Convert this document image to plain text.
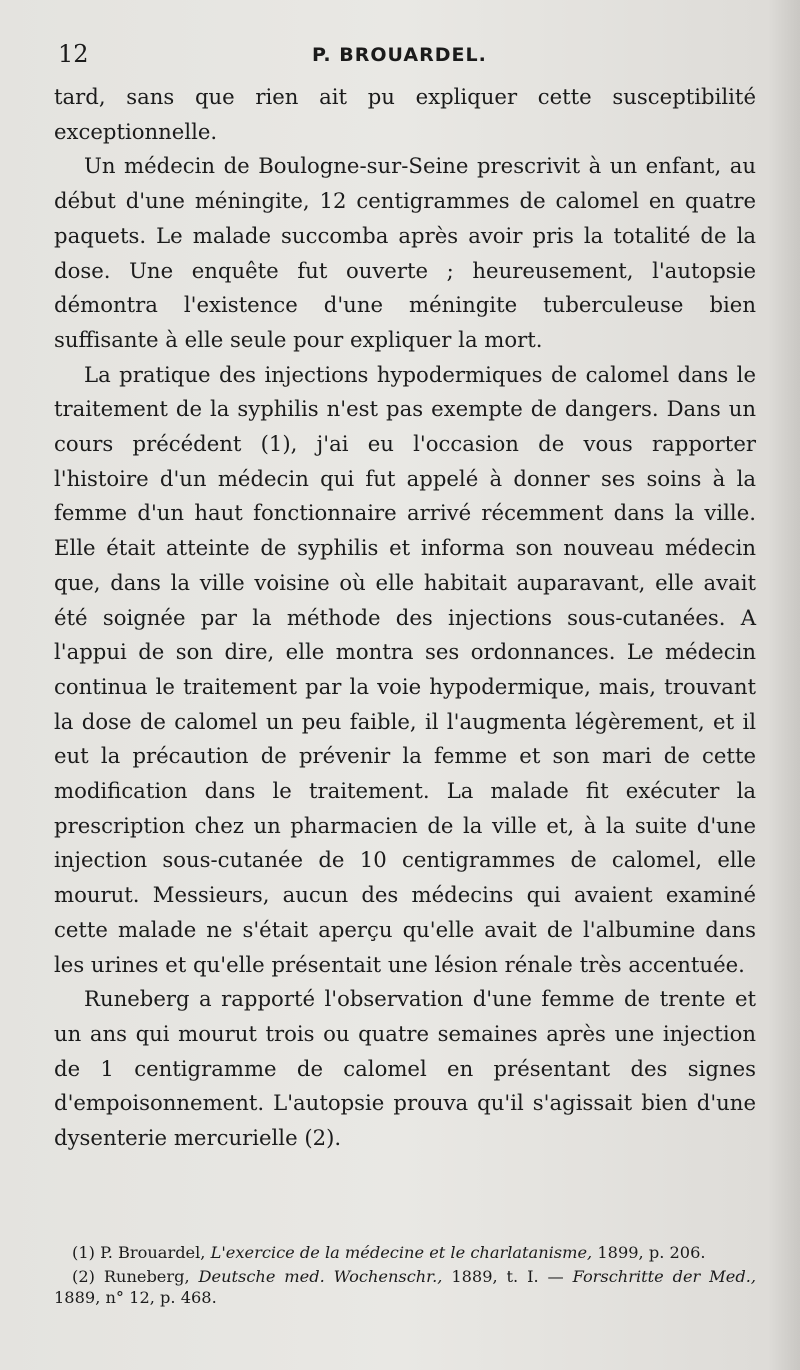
12	P. BROUARDEL.

tard, sans que rien ait pu expliquer cette susceptibilité exceptionnelle.

Un médecin de Boulogne-sur-Seine prescrivit à un enfant, au début d'une méningite, 12 centigrammes de calomel en quatre paquets. Le malade succomba après avoir pris la totalité de la dose. Une enquête fut ouverte ; heureusement, l'autopsie démontra l'existence d'une méningite tuberculeuse bien suffisante à elle seule pour expliquer la mort.

La pratique des injections hypodermiques de calomel dans le traitement de la syphilis n'est pas exempte de dangers. Dans un cours précédent (1), j'ai eu l'occasion de vous rapporter l'histoire d'un médecin qui fut appelé à donner ses soins à la femme d'un haut fonctionnaire arrivé récemment dans la ville. Elle était atteinte de syphilis et informa son nouveau médecin que, dans la ville voisine où elle habitait auparavant, elle avait été soignée par la méthode des injections sous-cutanées. A l'appui de son dire, elle montra ses ordonnances. Le médecin continua le traitement par la voie hypodermique, mais, trouvant la dose de calomel un peu faible, il l'augmenta légèrement, et il eut la précaution de prévenir la femme et son mari de cette modification dans le traitement. La malade fit exécuter la prescription chez un pharmacien de la ville et, à la suite d'une injection sous-cutanée de 10 centigrammes de calomel, elle mourut. Messieurs, aucun des médecins qui avaient examiné cette malade ne s'était aperçu qu'elle avait de l'albumine dans les urines et qu'elle présentait une lésion rénale très accentuée.

Runeberg a rapporté l'observation d'une femme de trente et un ans qui mourut trois ou quatre semaines après une injection de 1 centigramme de calomel en présentant des signes d'empoisonnement. L'autopsie prouva qu'il s'agissait bien d'une dysenterie mercurielle (2).

(1) P. Brouardel, L'exercice de la médecine et le charlatanisme, 1899, p. 206.

(2) Runeberg, Deutsche med. Wochenschr., 1889, t. I. — Forschritte der Med., 1889, n° 12, p. 468.
